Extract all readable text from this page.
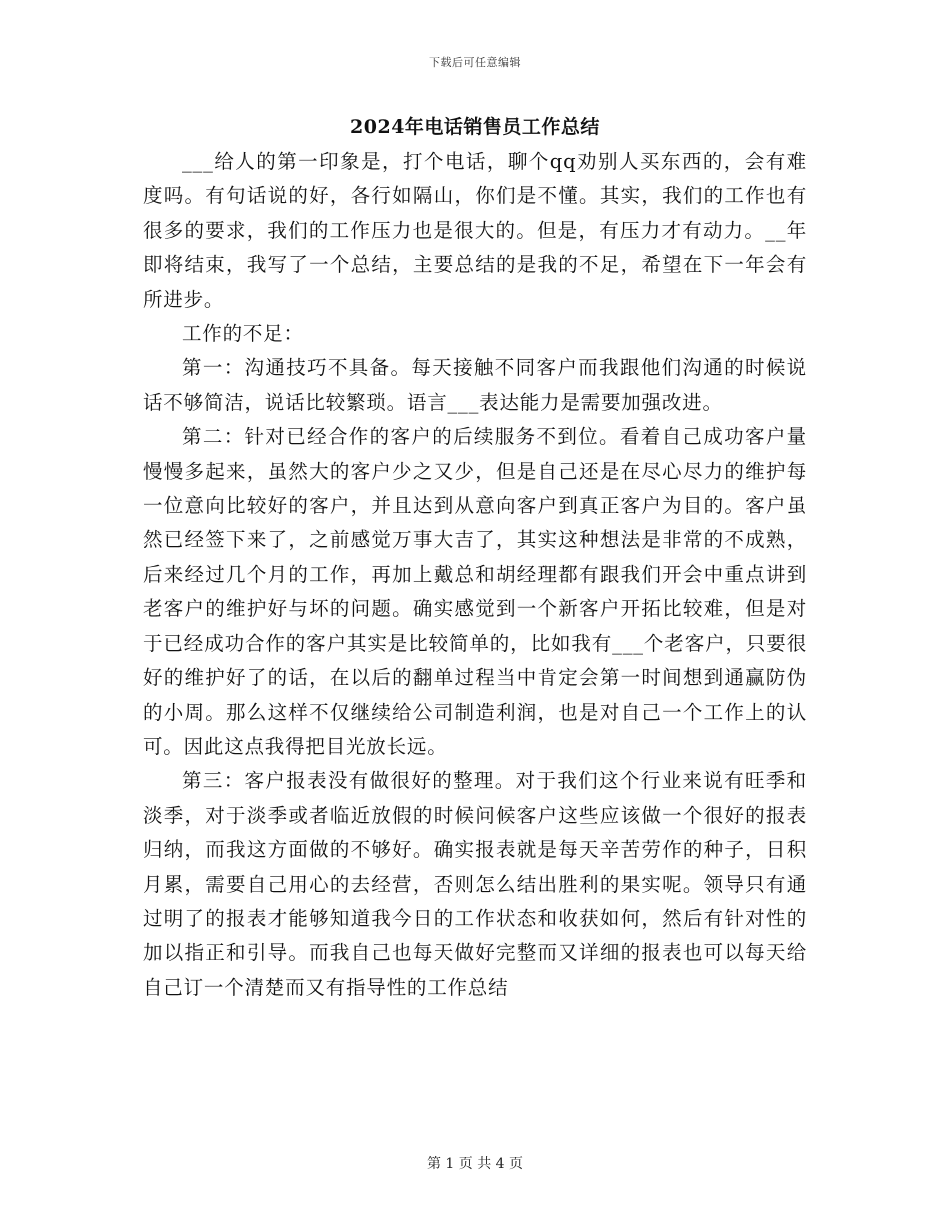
下载后可任意编辑
2024年电话销售员工作总结

___给人的第一印象是，打个电话，聊个qq劝别人买东西的，会有难度吗。有句话说的好，各行如隔山，你们是不懂。其实，我们的工作也有很多的要求，我们的工作压力也是很大的。但是，有压力才有动力。__年即将结束，我写了一个总结，主要总结的是我的不足，希望在下一年会有所进步。

工作的不足：

第一：沟通技巧不具备。每天接触不同客户而我跟他们沟通的时候说话不够简洁，说话比较繁琐。语言___表达能力是需要加强改进。

第二：针对已经合作的客户的后续服务不到位。看着自己成功客户量慢慢多起来，虽然大的客户少之又少，但是自己还是在尽心尽力的维护每一位意向比较好的客户，并且达到从意向客户到真正客户为目的。客户虽然已经签下来了，之前感觉万事大吉了，其实这种想法是非常的不成熟，后来经过几个月的工作，再加上戴总和胡经理都有跟我们开会中重点讲到老客户的维护好与坏的问题。确实感觉到一个新客户开拓比较难，但是对于已经成功合作的客户其实是比较简单的，比如我有___个老客户，只要很好的维护好了的话，在以后的翻单过程当中肯定会第一时间想到通赢防伪的小周。那么这样不仅继续给公司制造利润，也是对自己一个工作上的认可。因此这点我得把目光放长远。

第三：客户报表没有做很好的整理。对于我们这个行业来说有旺季和淡季，对于淡季或者临近放假的时候问候客户这些应该做一个很好的报表归纳，而我这方面做的不够好。确实报表就是每天辛苦劳作的种子，日积月累，需要自己用心的去经营，否则怎么结出胜利的果实呢。领导只有通过明了的报表才能够知道我今日的工作状态和收获如何，然后有针对性的加以指正和引导。而我自己也每天做好完整而又详细的报表也可以每天给自己订一个清楚而又有指导性的工作总结

第 1 页 共 4 页
